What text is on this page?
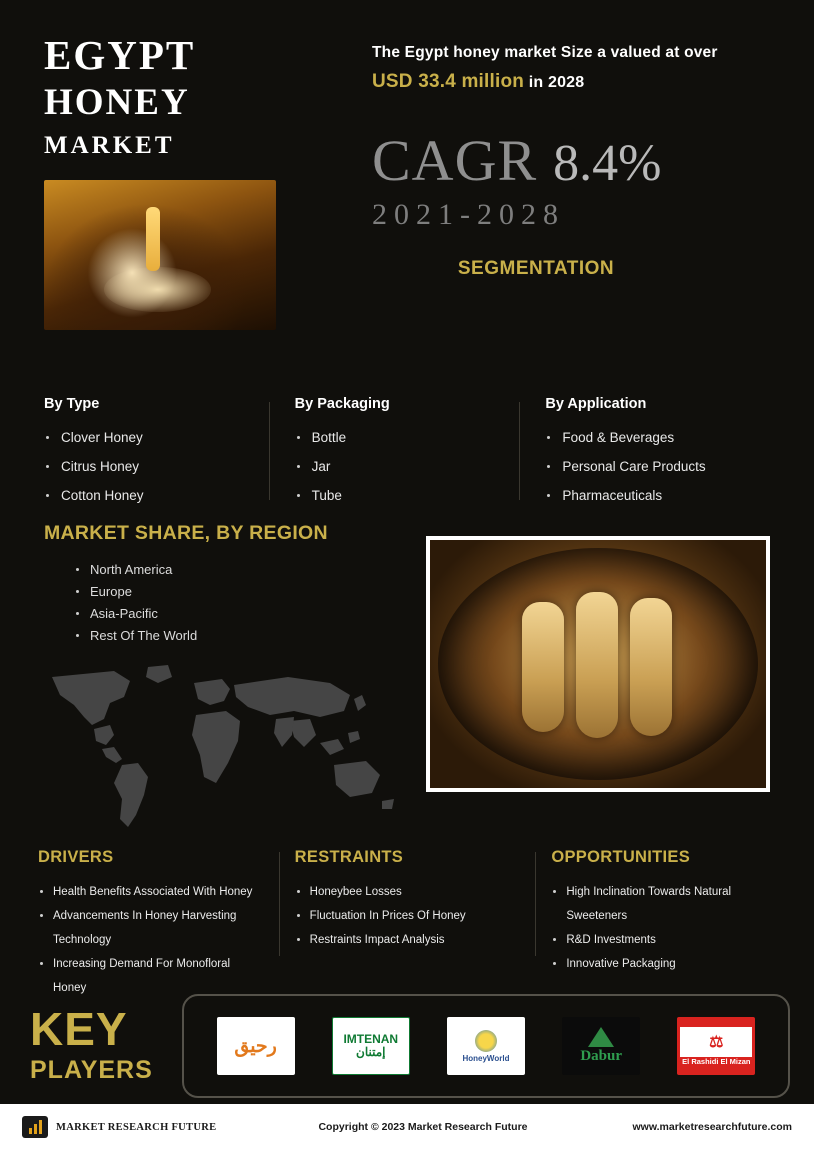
EGYPT
HONEY
MARKET
The Egypt honey market Size a valued at over
USD 33.4 million in 2028
CAGR 8.4%
2021-2028
SEGMENTATION
By Type
Clover Honey
Citrus Honey
Cotton Honey
By Packaging
Bottle
Jar
Tube
By Application
Food & Beverages
Personal Care Products
Pharmaceuticals
MARKET SHARE, BY REGION
North America
Europe
Asia-Pacific
Rest Of The World
DRIVERS
Health Benefits Associated With Honey
Advancements In Honey Harvesting Technology
Increasing Demand For Monofloral Honey
RESTRAINTS
Honeybee Losses
Fluctuation In Prices Of Honey
Restraints Impact Analysis
OPPORTUNITIES
High Inclination Towards Natural Sweeteners
R&D Investments
Innovative Packaging
KEY
PLAYERS
رحيق	IMTENAN
إمتنان	HoneyWorld	Dabur
⚖
El Rashidi El Mizan
MARKET RESEARCH FUTURE	Copyright © 2023 Market Research Future	www.marketresearchfuture.com
